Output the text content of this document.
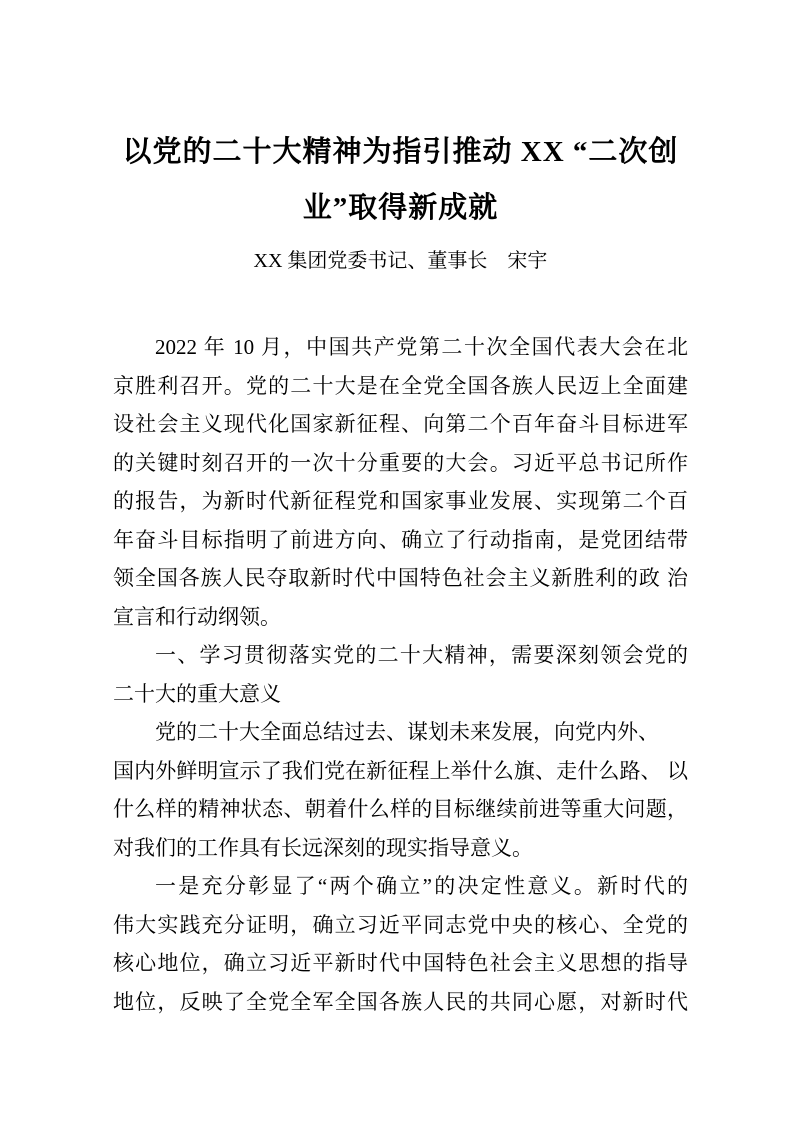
以党的二十大精神为指引推动 XX “二次创
业”取得新成就
XX 集团党委书记、董事长　宋宇
2022 年 10 月，中国共产党第二十次全国代表大会在北
京胜利召开。党的二十大是在全党全国各族人民迈上全面建
设社会主义现代化国家新征程、向第二个百年奋斗目标进军
的关键时刻召开的一次十分重要的大会。习近平总书记所作
的报告，为新时代新征程党和国家事业发展、实现第二个百
年奋斗目标指明了前进方向、确立了行动指南，是党团结带
领全国各族人民夺取新时代中国特色社会主义新胜利的政 治
宣言和行动纲领。
一、学习贯彻落实党的二十大精神，需要深刻领会党的
二十大的重大意义
党的二十大全面总结过去、谋划未来发展，向党内外、
国内外鲜明宣示了我们党在新征程上举什么旗、走什么路、 以
什么样的精神状态、朝着什么样的目标继续前进等重大问题，
对我们的工作具有长远深刻的现实指导意义。
一是充分彰显了“两个确立”的决定性意义。新时代的
伟大实践充分证明，确立习近平同志党中央的核心、全党的
核心地位，确立习近平新时代中国特色社会主义思想的指导
地位，反映了全党全军全国各族人民的共同心愿，对新时代
